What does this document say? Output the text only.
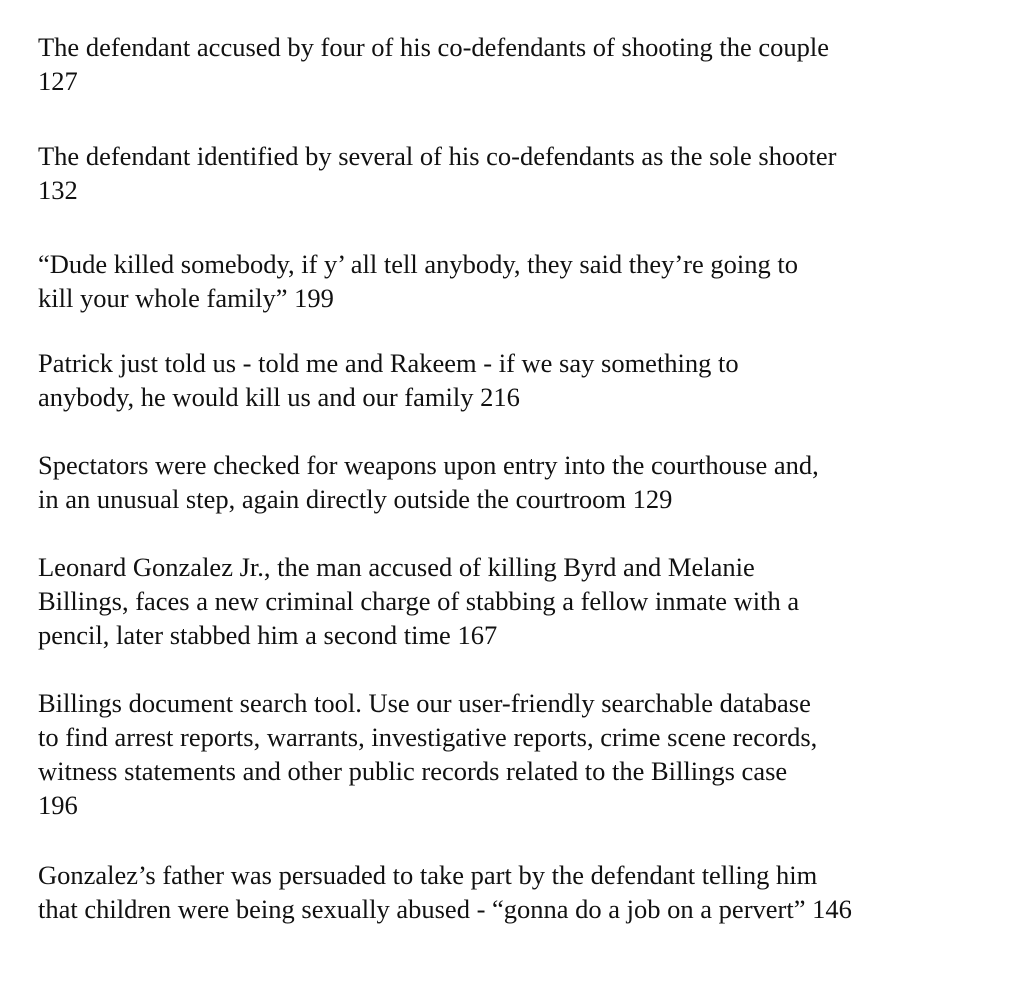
The defendant accused by four of his co-defendants of shooting the couple
127

The defendant identified by several of his co-defendants as the sole shooter
132

“Dude killed somebody, if y’ all tell anybody, they said they’re going to
kill your whole family” 199

Patrick just told us - told me and Rakeem - if we say something to
anybody, he would kill us and our family 216

Spectators were checked for weapons upon entry into the courthouse and,
in an unusual step, again directly outside the courtroom 129

Leonard Gonzalez Jr., the man accused of killing Byrd and Melanie
Billings, faces a new criminal charge of stabbing a fellow inmate with a
pencil, later stabbed him a second time 167

Billings document search tool. Use our user-friendly searchable database
to find arrest reports, warrants, investigative reports, crime scene records,
witness statements and other public records related to the Billings case
196

Gonzalez’s father was persuaded to take part by the defendant telling him
that children were being sexually abused - “gonna do a job on a pervert” 146
